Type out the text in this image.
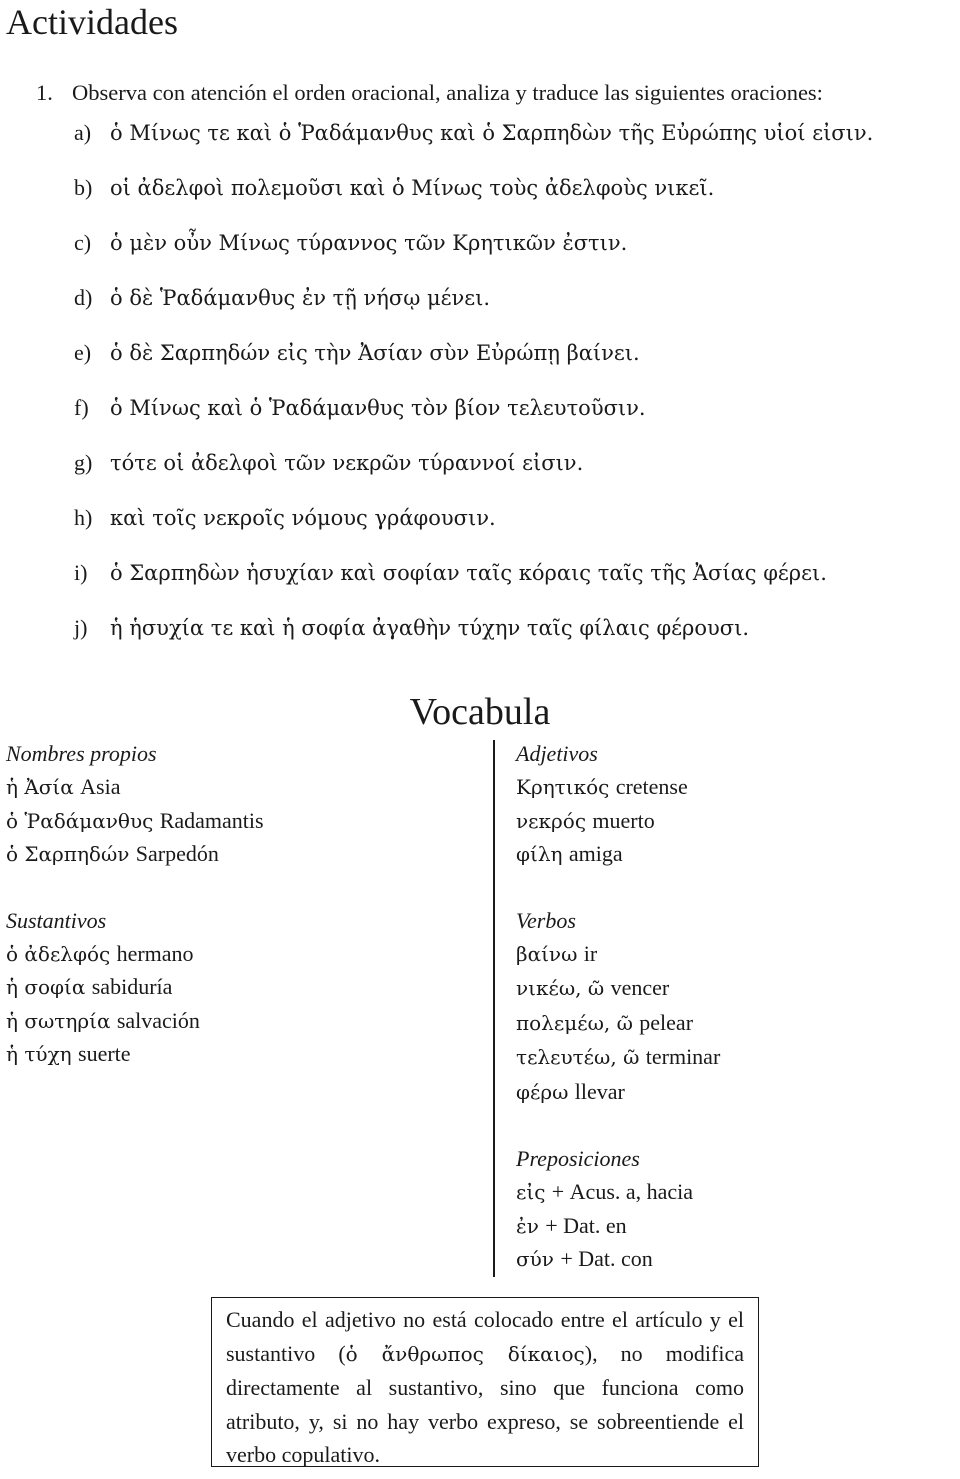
Actividades
1. Observa con atención el orden oracional, analiza y traduce las siguientes oraciones:
a) ὁ Μίνως τε καὶ ὁ Ῥαδάμανθυς καὶ ὁ Σαρπηδὼν τῆς Εὐρώπης υἱοί εἰσιν.
b) οἱ ἀδελφοὶ πολεμοῦσι καὶ ὁ Μίνως τοὺς ἀδελφοὺς νικεῖ.
c) ὁ μὲν οὖν Μίνως τύραννος τῶν Κρητικῶν ἐστιν.
d) ὁ δὲ Ῥαδάμανθυς ἐν τῇ νήσῳ μένει.
e) ὁ δὲ Σαρπηδών εἰς τὴν Ἀσίαν σὺν Εὐρώπῃ βαίνει.
f) ὁ Μίνως καὶ ὁ Ῥαδάμανθυς τὸν βίον τελευτοῦσιν.
g) τότε οἱ ἀδελφοὶ τῶν νεκρῶν τύραννοί εἰσιν.
h) καὶ τοῖς νεκροῖς νόμους γράφουσιν.
i) ὁ Σαρπηδὼν ἡσυχίαν καὶ σοφίαν ταῖς κόραις ταῖς τῆς Ἀσίας φέρει.
j) ἡ ἡσυχία τε καὶ ἡ σοφία ἀγαθὴν τύχην ταῖς φίλαις φέρουσι.
Vocabula
Nombres propios
ἡ Ἀσία Asia
ὁ Ῥαδάμανθυς Radamantis
ὁ Σαρπηδών Sarpedón
Sustantivos
ὁ ἀδελφός hermano
ἡ σοφία sabiduría
ἡ σωτηρία salvación
ἡ τύχη suerte
Adjetivos
Κρητικός cretense
νεκρός muerto
φίλη amiga
Verbos
βαίνω ir
νικέω, ῶ vencer
πολεμέω, ῶ pelear
τελευτέω, ῶ terminar
φέρω llevar
Preposiciones
εἰς + Acus. a, hacia
ἐν + Dat. en
σύν + Dat. con
Cuando el adjetivo no está colocado entre el artículo y el sustantivo (ὁ ἄνθρωπος δίκαιος), no modifica directamente al sustantivo, sino que funciona como atributo, y, si no hay verbo expreso, se sobreentiende el verbo copulativo.
